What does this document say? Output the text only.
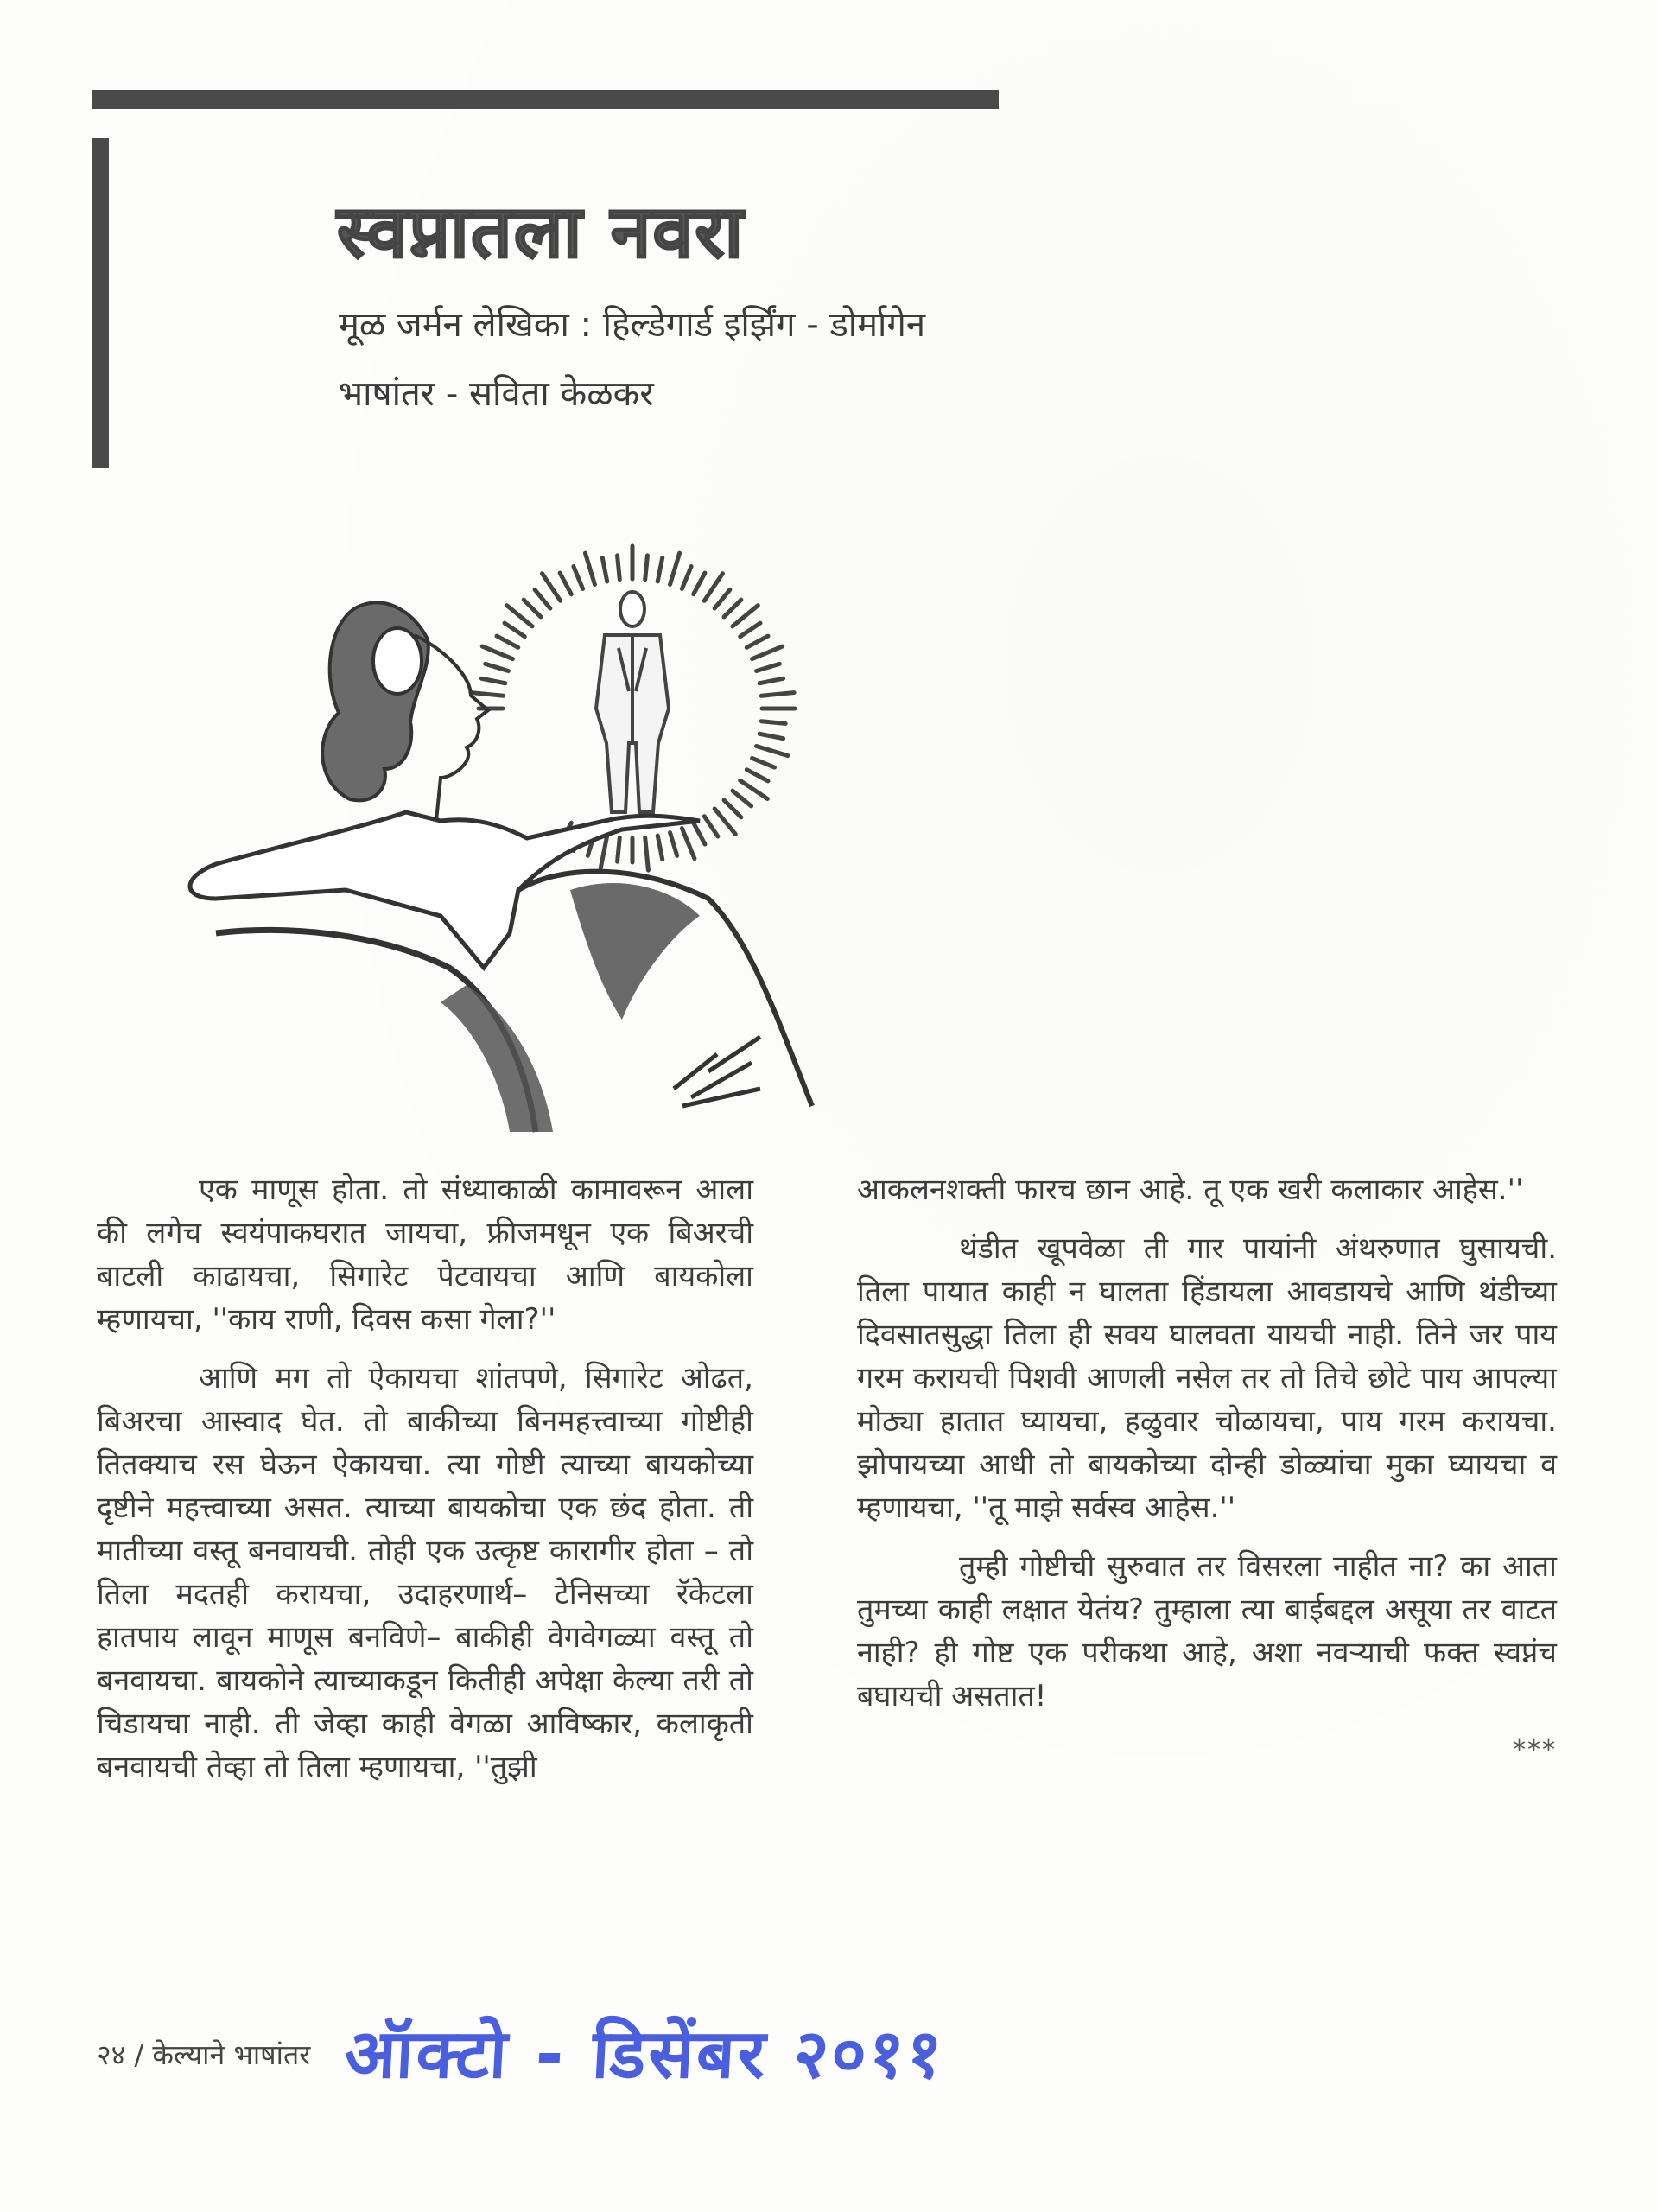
स्वप्नातला नवरा
मूळ जर्मन लेखिका : हिल्डेगार्ड इर्झिंग - डोर्मागेन
भाषांतर - सविता केळकर

एक माणूस होता. तो संध्याकाळी कामावरून आला की लगेच स्वयंपाकघरात जायचा, फ्रीजमधून एक बिअरची बाटली काढायचा, सिगारेट पेटवायचा आणि बायकोला म्हणायचा, ''काय राणी, दिवस कसा गेला?''

आणि मग तो ऐकायचा शांतपणे, सिगारेट ओढत, बिअरचा आस्वाद घेत. तो बाकीच्या बिनमहत्त्वाच्या गोष्टीही तितक्याच रस घेऊन ऐकायचा. त्या गोष्टी त्याच्या बायकोच्या दृष्टीने महत्त्वाच्या असत. त्याच्या बायकोचा एक छंद होता. ती मातीच्या वस्तू बनवायची. तोही एक उत्कृष्ट कारागीर होता – तो तिला मदतही करायचा, उदाहरणार्थ– टेनिसच्या रॅकेटला हातपाय लावून माणूस बनविणे– बाकीही वेगवेगळ्या वस्तू तो बनवायचा. बायकोने त्याच्याकडून कितीही अपेक्षा केल्या तरी तो चिडायचा नाही. ती जेव्हा काही वेगळा आविष्कार, कलाकृती बनवायची तेव्हा तो तिला म्हणायचा, ''तुझी

आकलनशक्ती फारच छान आहे. तू एक खरी कलाकार आहेस.''

थंडीत खूपवेळा ती गार पायांनी अंथरुणात घुसायची. तिला पायात काही न घालता हिंडायला आवडायचे आणि थंडीच्या दिवसातसुद्धा तिला ही सवय घालवता यायची नाही. तिने जर पाय गरम करायची पिशवी आणली नसेल तर तो तिचे छोटे पाय आपल्या मोठ्या हातात घ्यायचा, हळुवार चोळायचा, पाय गरम करायचा. झोपायच्या आधी तो बायकोच्या दोन्ही डोळ्यांचा मुका घ्यायचा व म्हणायचा, ''तू माझे सर्वस्व आहेस.''

तुम्ही गोष्टीची सुरुवात तर विसरला नाहीत ना? का आता तुमच्या काही लक्षात येतंय? तुम्हाला त्या बाईबद्दल असूया तर वाटत नाही? ही गोष्ट एक परीकथा आहे, अशा नवऱ्याची फक्त स्वप्नंच बघायची असतात!

***
२४ / केल्याने भाषांतर ऑक्टो - डिसेंबर २०११
